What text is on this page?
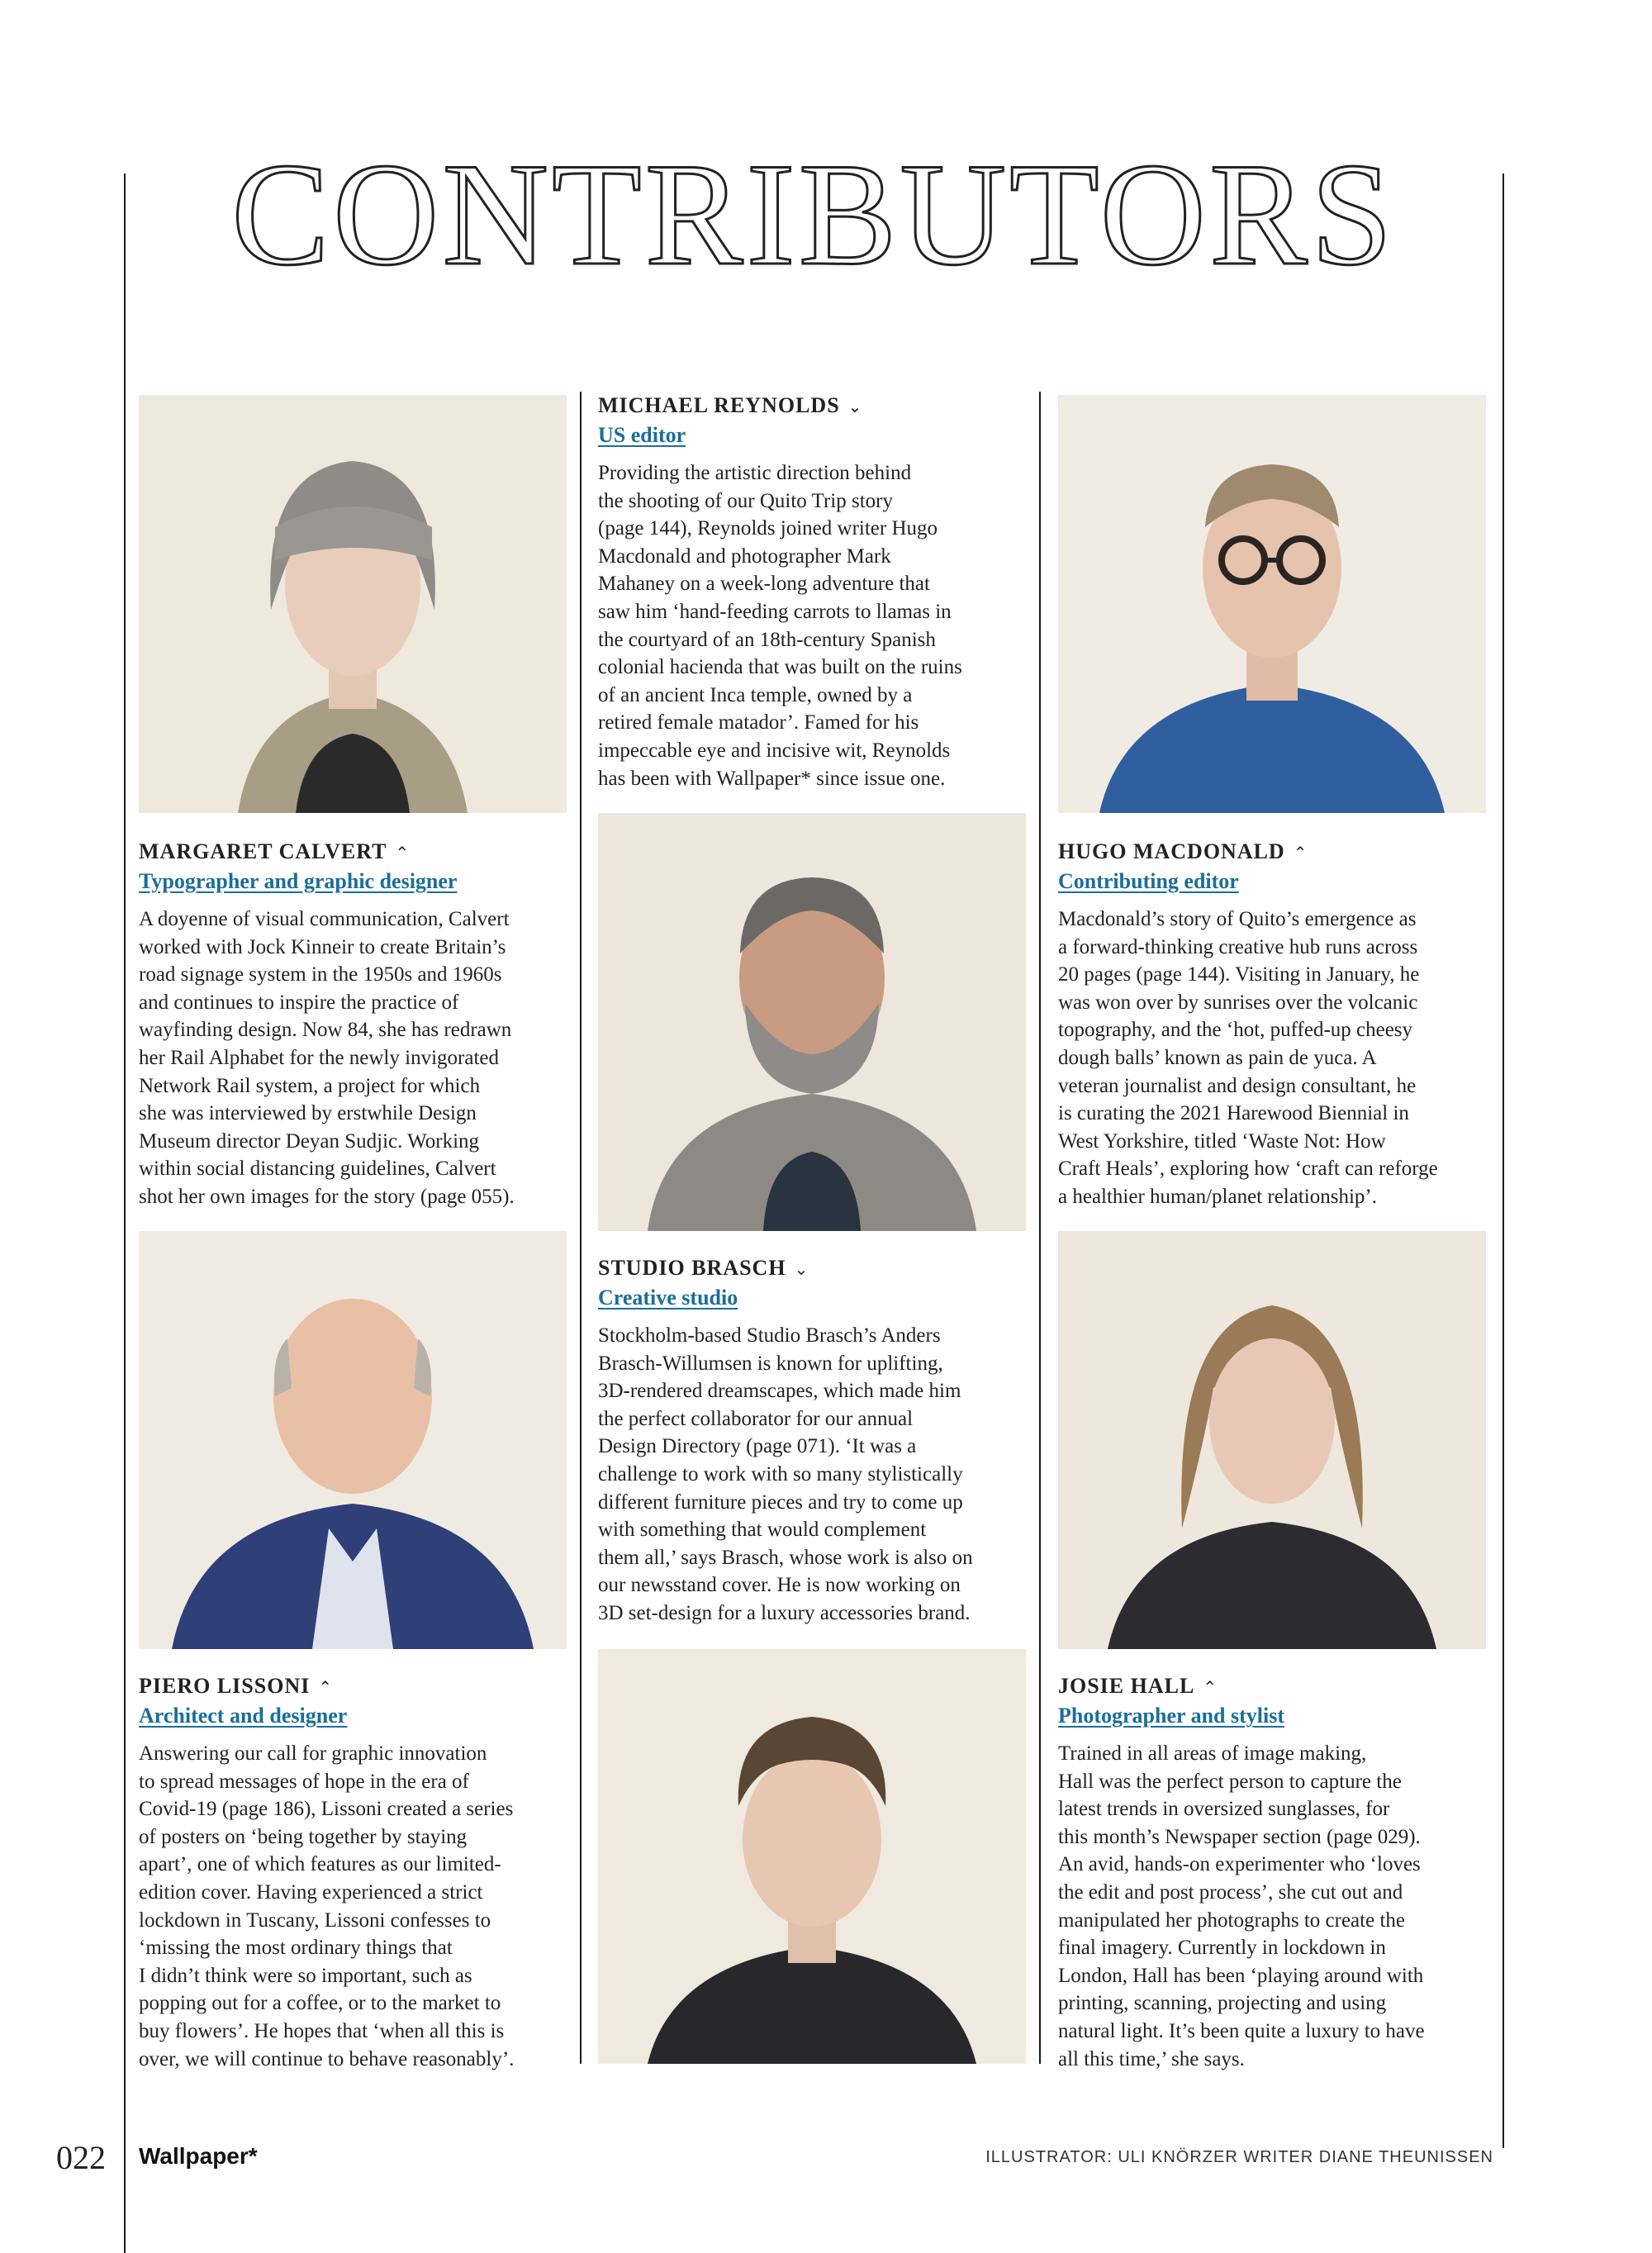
CONTRIBUTORS
MICHAEL REYNOLDS ⌄
US editor
Providing the artistic direction behind
the shooting of our Quito Trip story
(page 144), Reynolds joined writer Hugo
Macdonald and photographer Mark
Mahaney on a week-long adventure that
saw him ‘hand-feeding carrots to llamas in
the courtyard of an 18th-century Spanish
colonial hacienda that was built on the ruins
of an ancient Inca temple, owned by a
retired female matador’. Famed for his
impeccable eye and incisive wit, Reynolds
has been with Wallpaper* since issue one.
MARGARET CALVERT ⌃
Typographer and graphic designer
A doyenne of visual communication, Calvert
worked with Jock Kinneir to create Britain’s
road signage system in the 1950s and 1960s
and continues to inspire the practice of
wayfinding design. Now 84, she has redrawn
her Rail Alphabet for the newly invigorated
Network Rail system, a project for which
she was interviewed by erstwhile Design
Museum director Deyan Sudjic. Working
within social distancing guidelines, Calvert
shot her own images for the story (page 055).
HUGO MACDONALD ⌃
Contributing editor
Macdonald’s story of Quito’s emergence as
a forward-thinking creative hub runs across
20 pages (page 144). Visiting in January, he
was won over by sunrises over the volcanic
topography, and the ‘hot, puffed-up cheesy
dough balls’ known as pain de yuca. A
veteran journalist and design consultant, he
is curating the 2021 Harewood Biennial in
West Yorkshire, titled ‘Waste Not: How
Craft Heals’, exploring how ‘craft can reforge
a healthier human/planet relationship’.
STUDIO BRASCH ⌄
Creative studio
Stockholm-based Studio Brasch’s Anders
Brasch-Willumsen is known for uplifting,
3D-rendered dreamscapes, which made him
the perfect collaborator for our annual
Design Directory (page 071). ‘It was a
challenge to work with so many stylistically
different furniture pieces and try to come up
with something that would complement
them all,’ says Brasch, whose work is also on
our newsstand cover. He is now working on
3D set-design for a luxury accessories brand.
PIERO LISSONI ⌃
Architect and designer
Answering our call for graphic innovation
to spread messages of hope in the era of
Covid-19 (page 186), Lissoni created a series
of posters on ‘being together by staying
apart’, one of which features as our limited-
edition cover. Having experienced a strict
lockdown in Tuscany, Lissoni confesses to
‘missing the most ordinary things that
I didn’t think were so important, such as
popping out for a coffee, or to the market to
buy flowers’. He hopes that ‘when all this is
over, we will continue to behave reasonably’.
JOSIE HALL ⌃
Photographer and stylist
Trained in all areas of image making,
Hall was the perfect person to capture the
latest trends in oversized sunglasses, for
this month’s Newspaper section (page 029).
An avid, hands-on experimenter who ‘loves
the edit and post process’, she cut out and
manipulated her photographs to create the
final imagery. Currently in lockdown in
London, Hall has been ‘playing around with
printing, scanning, projecting and using
natural light. It’s been quite a luxury to have
all this time,’ she says.
022 Wallpaper*	ILLUSTRATOR: ULI KNÖRZER WRITER DIANE THEUNISSEN
